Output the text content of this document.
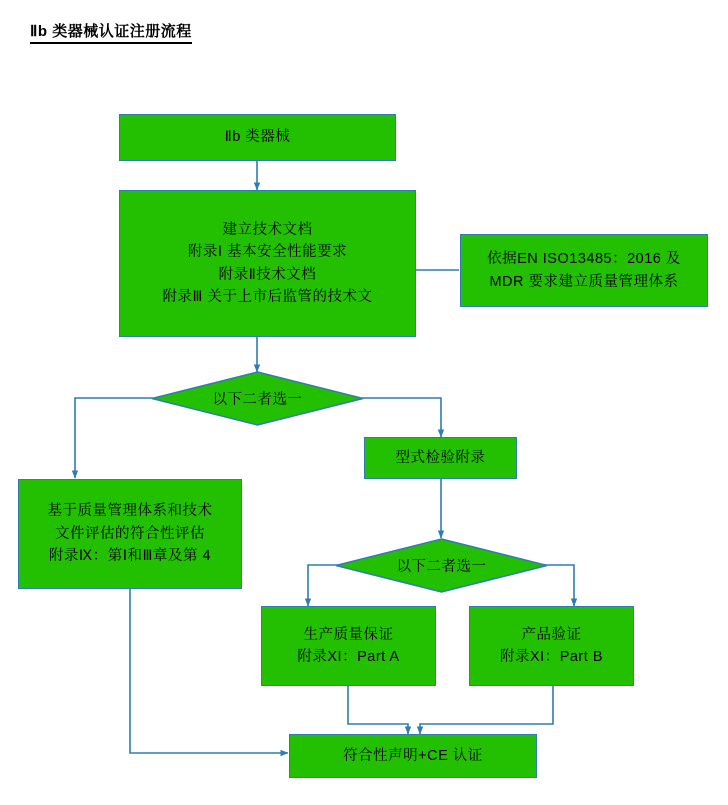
Ⅱb 类器械认证注册流程
Ⅱb 类器械
建立技术文档
附录Ⅰ 基本安全性能要求
附录Ⅱ技术文档
附录Ⅲ 关于上市后监管的技术文
依据EN ISO13485：2016 及
MDR 要求建立质量管理体系
以下二者选一
型式检验附录
基于质量管理体系和技术
文件评估的符合性评估
附录Ⅸ：第Ⅰ和Ⅲ章及第 4
以下二者选一
生产质量保证
附录XI：Part A
产品验证
附录XI：Part B
符合性声明+CE 认证
